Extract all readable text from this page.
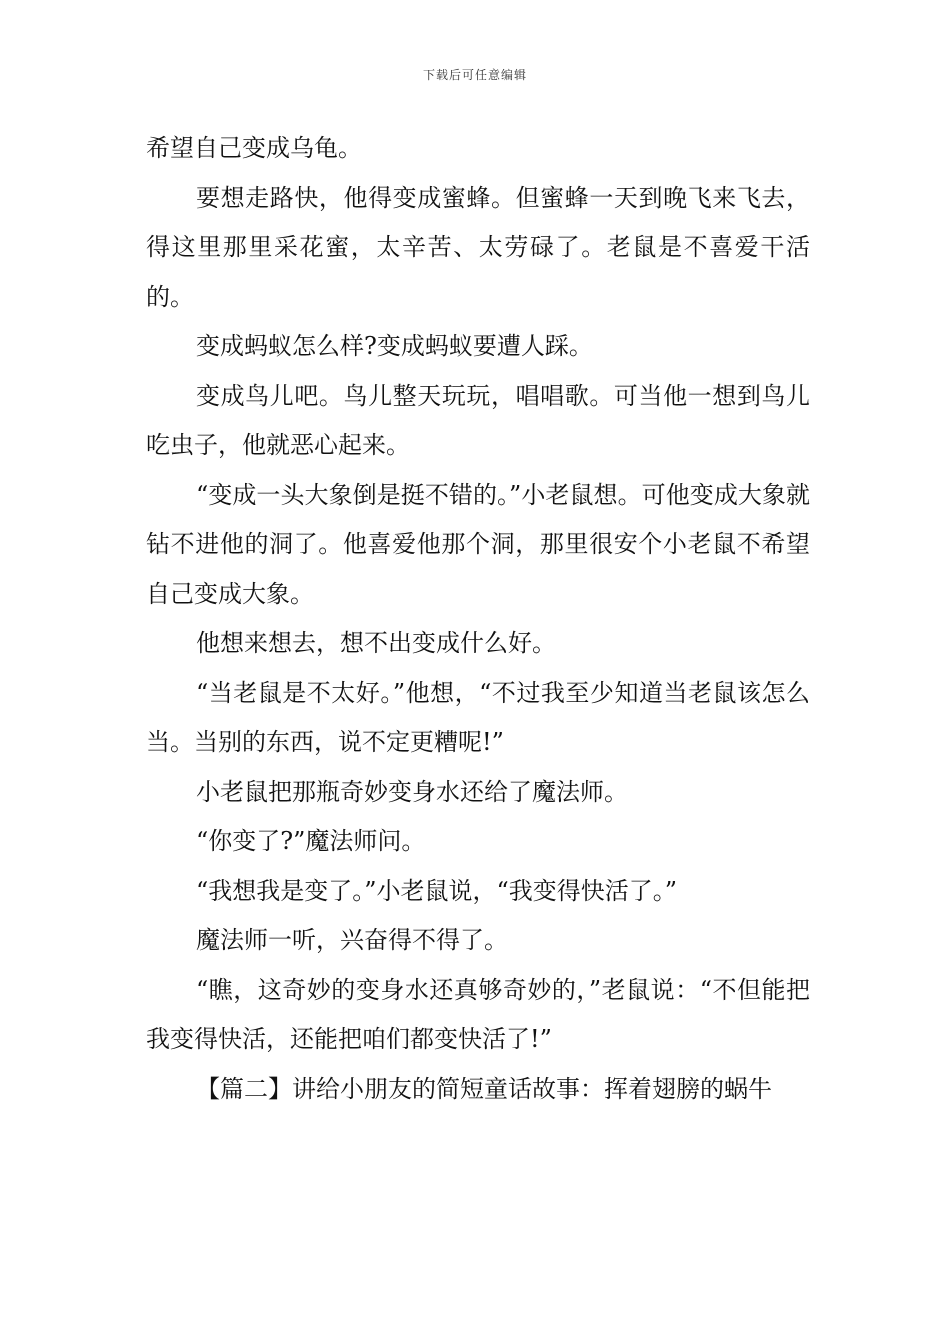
下载后可任意编辑

希望自己变成乌龟。

要想走路快，他得变成蜜蜂。但蜜蜂一天到晚飞来飞去，得这里那里采花蜜，太辛苦、太劳碌了。老鼠是不喜爱干活的。

变成蚂蚁怎么样?变成蚂蚁要遭人踩。

变成鸟儿吧。鸟儿整天玩玩，唱唱歌。可当他一想到鸟儿吃虫子，他就恶心起来。

“变成一头大象倒是挺不错的。”小老鼠想。可他变成大象就钻不进他的洞了。他喜爱他那个洞，那里很安个小老鼠不希望自己变成大象。

他想来想去，想不出变成什么好。

“当老鼠是不太好。”他想，“不过我至少知道当老鼠该怎么当。当别的东西，说不定更糟呢!”

小老鼠把那瓶奇妙变身水还给了魔法师。

“你变了?”魔法师问。

“我想我是变了。”小老鼠说，“我变得快活了。”

魔法师一听，兴奋得不得了。

“瞧，这奇妙的变身水还真够奇妙的，”老鼠说：“不但能把我变得快活，还能把咱们都变快活了!”

【篇二】讲给小朋友的简短童话故事：挥着翅膀的蜗牛
